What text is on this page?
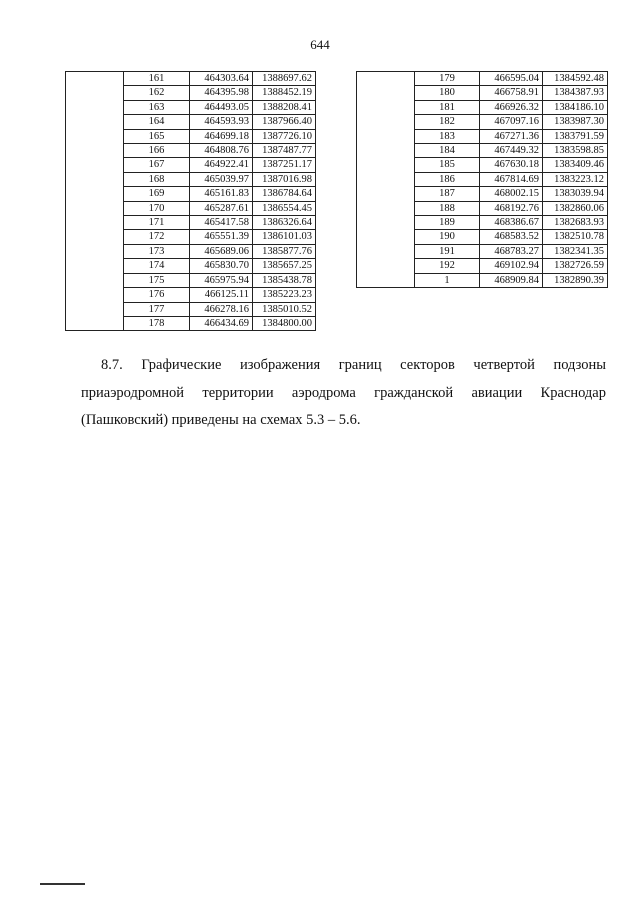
644
	161	464303.64	1388697.62
	162	464395.98	1388452.19
	163	464493.05	1388208.41
	164	464593.93	1387966.40
	165	464699.18	1387726.10
	166	464808.76	1387487.77
	167	464922.41	1387251.17
	168	465039.97	1387016.98
	169	465161.83	1386784.64
	170	465287.61	1386554.45
	171	465417.58	1386326.64
	172	465551.39	1386101.03
	173	465689.06	1385877.76
	174	465830.70	1385657.25
	175	465975.94	1385438.78
	176	466125.11	1385223.23
	177	466278.16	1385010.52
	178	466434.69	1384800.00
	179	466595.04	1384592.48
	180	466758.91	1384387.93
	181	466926.32	1384186.10
	182	467097.16	1383987.30
	183	467271.36	1383791.59
	184	467449.32	1383598.85
	185	467630.18	1383409.46
	186	467814.69	1383223.12
	187	468002.15	1383039.94
	188	468192.76	1382860.06
	189	468386.67	1382683.93
	190	468583.52	1382510.78
	191	468783.27	1382341.35
	192	469102.94	1382726.59
	1	468909.84	1382890.39
8.7. Графические изображения границ секторов четвертой подзоны
приаэродромной территории аэродрома гражданской авиации Краснодар
(Пашковский) приведены на схемах 5.3 – 5.6.
